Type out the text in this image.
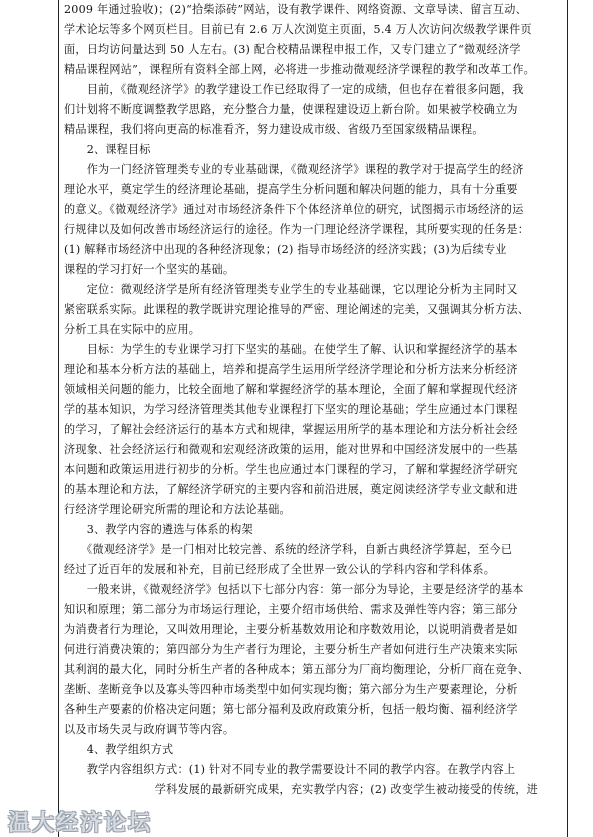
2009 年通过验收)；(2)“拾柴添砖”网站，设有教学课件、网络资源、文章导读、留言互动、
学术论坛等多个网页栏目。目前已有 2.6 万人次浏览主页面，5.4 万人次访问次级教学课件页
面，日均访问量达到 50 人左右。(3) 配合校精品课程申报工作，又专门建立了“微观经济学
精品课程网站”，课程所有资料全部上网，必将进一步推动微观经济学课程的教学和改革工作。
　　目前，《微观经济学》的教学建设工作已经取得了一定的成绩，但也存在着很多问题，我
们计划将不断度调整教学思路，充分整合力量，使课程建设迈上新台阶。如果被学校确立为
精品课程，我们将向更高的标准看齐，努力建设成市级、省级乃至国家级精品课程。
　　2、课程目标
　　作为一门经济管理类专业的专业基础课，《微观经济学》课程的教学对于提高学生的经济
理论水平，奠定学生的经济理论基础，提高学生分析问题和解决问题的能力，具有十分重要
的意义。《微观经济学》通过对市场经济条件下个体经济单位的研究，试图揭示市场经济的运
行规律以及如何改善市场经济运行的途径。作为一门理论经济学课程，其所要实现的任务是：
(1) 解释市场经济中出现的各种经济现象；(2) 指导市场经济的经济实践；(3)为后续专业
课程的学习打好一个坚实的基础。
　　定位：微观经济学是所有经济管理类专业学生的专业基础课，它以理论分析为主同时又
紧密联系实际。此课程的教学既讲究理论推导的严密、理论阐述的完美，又强调其分析方法、
分析工具在实际中的应用。
　　目标：为学生的专业课学习打下坚实的基础。在使学生了解、认识和掌握经济学的基本
理论和基本分析方法的基础上，培养和提高学生运用所学经济学理论和分析方法来分析经济
领域相关问题的能力，比较全面地了解和掌握经济学的基本理论，全面了解和掌握现代经济
学的基本知识，为学习经济管理类其他专业课程打下坚实的理论基础；学生应通过本门课程
的学习，了解社会经济运行的基本方式和规律，掌握运用所学的基本理论和方法分析社会经
济现象、社会经济运行和微观和宏观经济政策的运用，能对世界和中国经济发展中的一些基
本问题和政策运用进行初步的分析。学生也应通过本门课程的学习，了解和掌握经济学研究
的基本理论和方法，了解经济学研究的主要内容和前沿进展，奠定阅读经济学专业文献和进
行经济学理论研究所需的理论和方法论基础。
　　3、教学内容的遴选与体系的构架
　　《微观经济学》是一门相对比较完善、系统的经济学科，自新古典经济学算起，至今已
经过了近百年的发展和补充，目前已经形成了全世界一致公认的学科内容和学科体系。
　　一般来讲，《微观经济学》包括以下七部分内容：第一部分为导论，主要是经济学的基本
知识和原理；第二部分为市场运行理论，主要介绍市场供给、需求及弹性等内容；第三部分
为消费者行为理论，又叫效用理论，主要分析基数效用论和序数效用论，以说明消费者是如
何进行消费决策的；第四部分为生产者行为理论，主要分析生产者如何进行生产决策来实际
其利润的最大化，同时分析生产者的各种成本；第五部分为厂商均衡理论，分析厂商在竞争、
垄断、垄断竞争以及寡头等四种市场类型中如何实现均衡；第六部分为生产要素理论，分析
各种生产要素的价格决定问题；第七部分福利及政府政策分析，包括一般均衡、福利经济学
以及市场失灵与政府调节等内容。
　　4、教学组织方式
　　教学内容组织方式：(1) 针对不同专业的教学需要设计不同的教学内容。在教学内容上
　　　　　　　　学科发展的最新研究成果，充实教学内容；(2) 改变学生被动接受的传统，进
温大经济论坛
